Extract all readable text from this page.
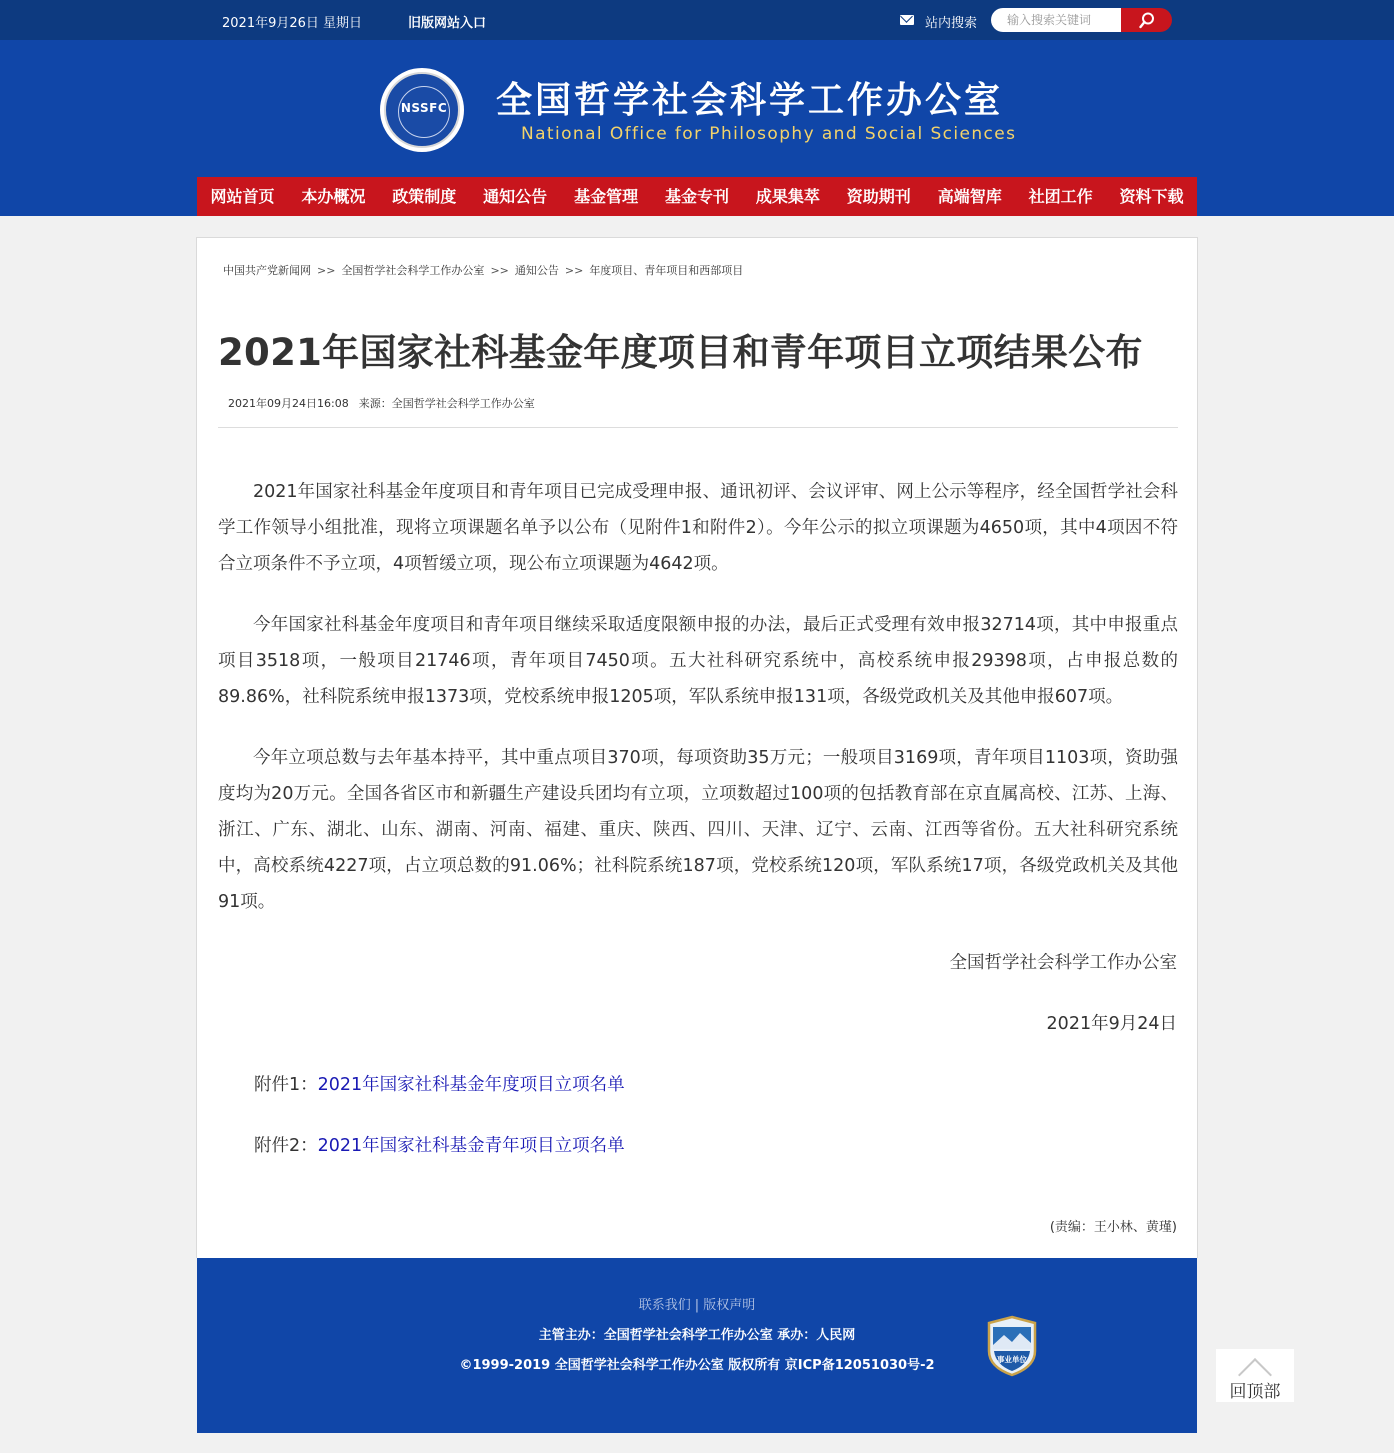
2021年9月26日 星期日	旧版网站入口	站内搜索
输入搜索关键词
NSSFC	全国哲学社会科学工作办公室
National Office for Philosophy and Social Sciences
网站首页	本办概况	政策制度	通知公告	基金管理	基金专刊	成果集萃	资助期刊	高端智库	社团工作	资料下载
中国共产党新闻网 >> 全国哲学社会科学工作办公室 >> 通知公告 >> 年度项目、青年项目和西部项目
2021年国家社科基金年度项目和青年项目立项结果公布
2021年09月24日16:08 来源：全国哲学社会科学工作办公室

2021年国家社科基金年度项目和青年项目已完成受理申报、通讯初评、会议评审、网上公示等程序，经全国哲学社会科学工作领导小组批准，现将立项课题名单予以公布（见附件1和附件2）。今年公示的拟立项课题为4650项，其中4项因不符合立项条件不予立项，4项暂缓立项，现公布立项课题为4642项。

今年国家社科基金年度项目和青年项目继续采取适度限额申报的办法，最后正式受理有效申报32714项，其中申报重点项目3518项，一般项目21746项，青年项目7450项。五大社科研究系统中，高校系统申报29398项，占申报总数的89.86%，社科院系统申报1373项，党校系统申报1205项，军队系统申报131项，各级党政机关及其他申报607项。

今年立项总数与去年基本持平，其中重点项目370项，每项资助35万元；一般项目3169项，青年项目1103项，资助强度均为20万元。全国各省区市和新疆生产建设兵团均有立项，立项数超过100项的包括教育部在京直属高校、江苏、上海、浙江、广东、湖北、山东、湖南、河南、福建、重庆、陕西、四川、天津、辽宁、云南、江西等省份。五大社科研究系统中，高校系统4227项，占立项总数的91.06%；社科院系统187项，党校系统120项，军队系统17项，各级党政机关及其他91项。

全国哲学社会科学工作办公室
2021年9月24日
附件1：2021年国家社科基金年度项目立项名单
附件2：2021年国家社科基金青年项目立项名单
(责编：王小林、黄瑾)
联系我们 | 版权声明
主管主办：全国哲学社会科学工作办公室 承办：人民网
©1999-2019 全国哲学社会科学工作办公室 版权所有 京ICP备12051030号-2	事业单位
回顶部
